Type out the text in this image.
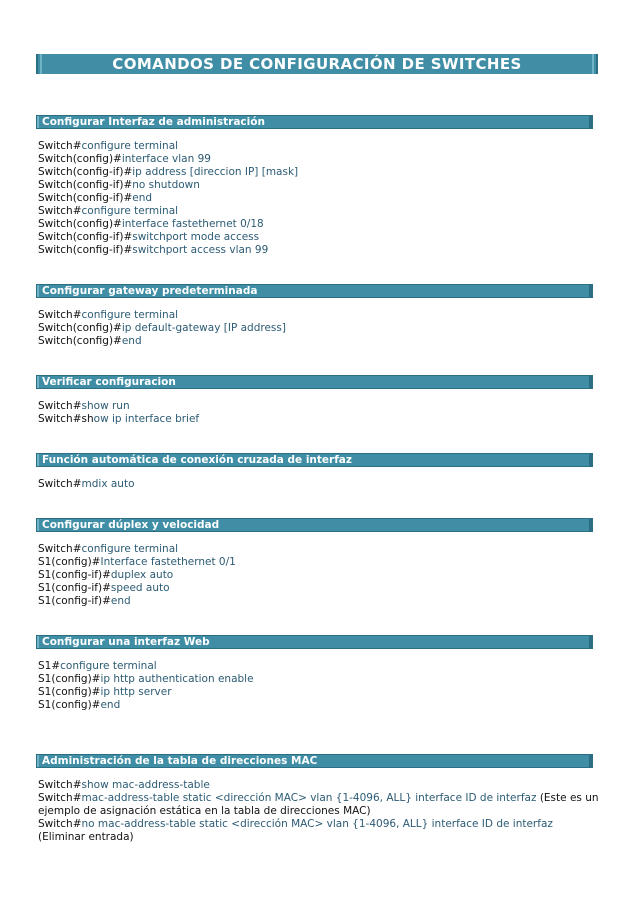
COMANDOS DE CONFIGURACIÓN DE SWITCHES
Configurar Interfaz de administración
Switch#configure terminal
Switch(config)#interface vlan 99
Switch(config-if)#ip address [direccion IP] [mask]
Switch(config-if)#no shutdown
Switch(config-if)#end
Switch#configure terminal
Switch(config)#interface fastethernet 0/18
Switch(config-if)#switchport mode access
Switch(config-if)#switchport access vlan 99
Configurar gateway predeterminada
Switch#configure terminal
Switch(config)#ip default-gateway [IP address]
Switch(config)#end
Verificar configuracion
Switch#show run
Switch#show ip interface brief
Función automática de conexión cruzada de interfaz
Switch#mdix auto
Configurar dúplex y velocidad
Switch#configure terminal
S1(config)#Interface fastethernet 0/1
S1(config-if)#duplex auto
S1(config-if)#speed auto
S1(config-if)#end
Configurar una interfaz Web
S1#configure terminal
S1(config)#ip http authentication enable
S1(config)#ip http server
S1(config)#end
Administración de la tabla de direcciones MAC
Switch#show mac-address-table
Switch#mac-address-table static <dirección MAC> vlan {1-4096, ALL} interface ID de interfaz (Este es un ejemplo de asignación estática en la tabla de direcciones MAC)
Switch#no mac-address-table static <dirección MAC> vlan {1-4096, ALL} interface ID de interfaz (Eliminar entrada)
